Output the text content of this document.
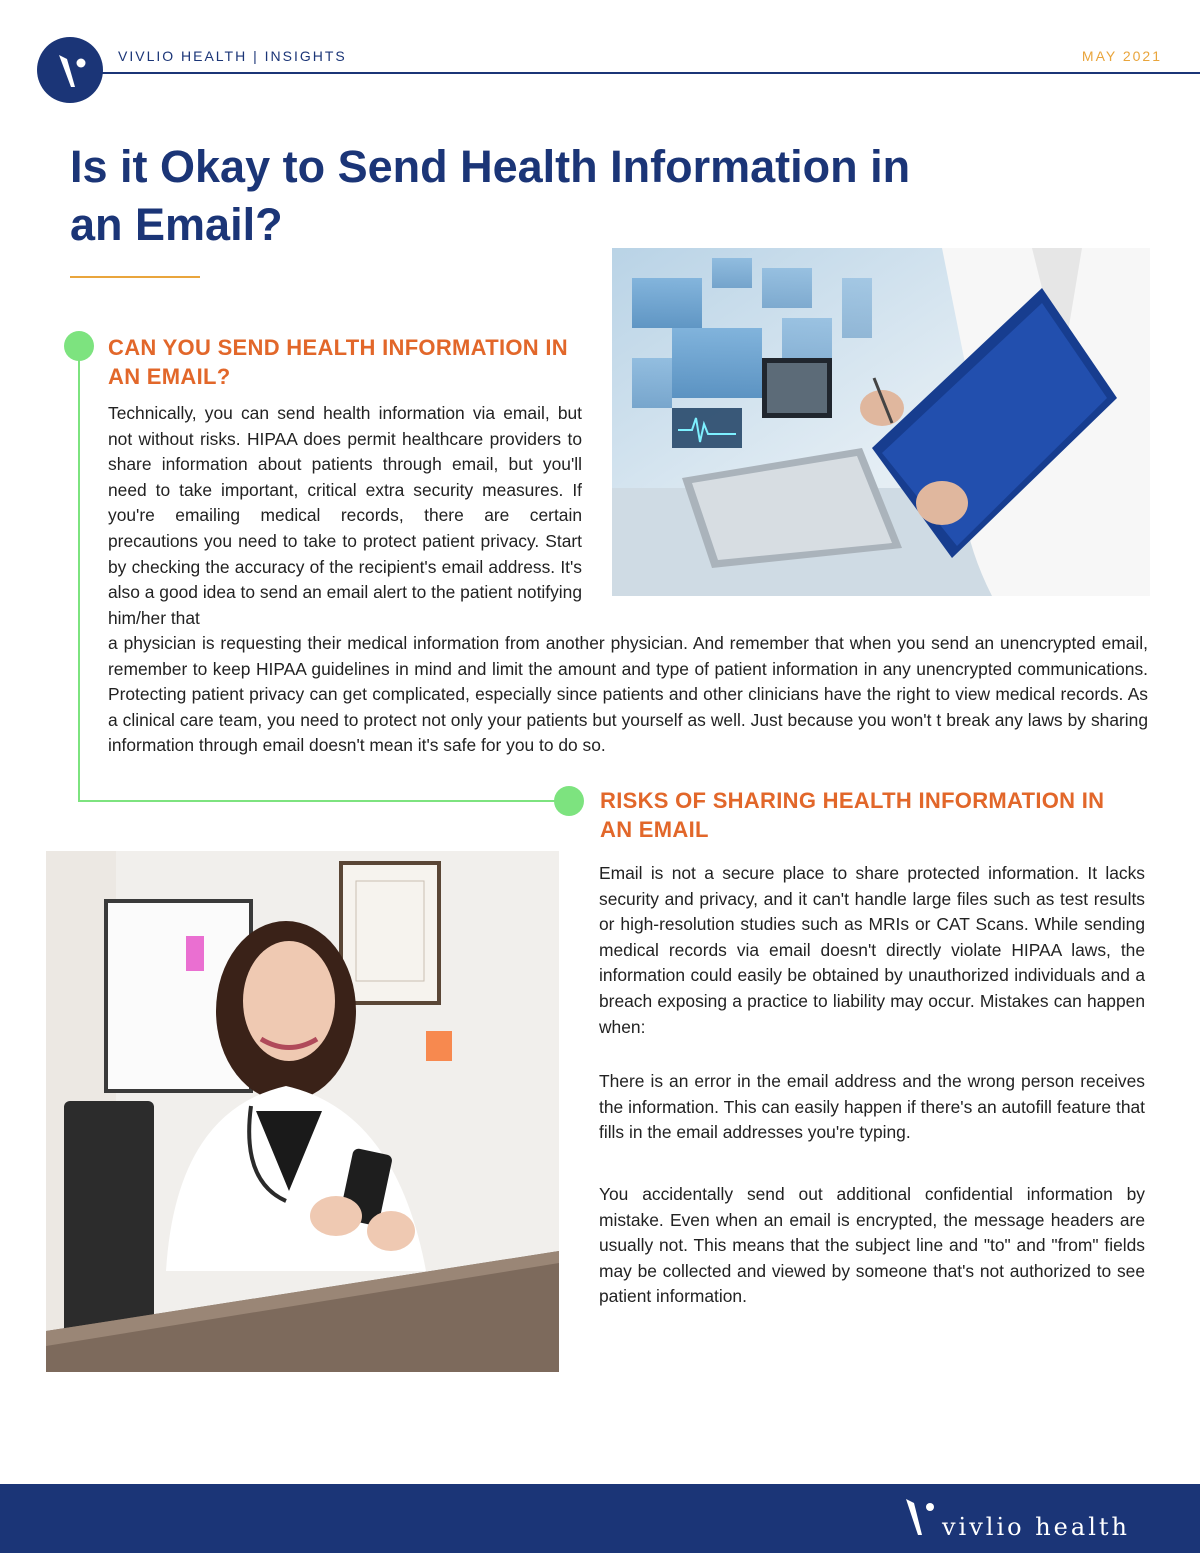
VIVLIO HEALTH | INSIGHTS	MAY 2021
Is it Okay to Send Health Information in an Email?
CAN YOU SEND HEALTH INFORMATION IN AN EMAIL?

Technically, you can send health information via email, but not without risks. HIPAA does permit healthcare providers to share information about patients through email, but you'll need to take important, critical extra security measures. If you're emailing medical records, there are certain precautions you need to take to protect patient privacy. Start by checking the accuracy of the recipient's email address. It's also a good idea to send an email alert to the patient notifying him/her that

a physician is requesting their medical information from another physician. And remember that when you send an unencrypted email, remember to keep HIPAA guidelines in mind and limit the amount and type of patient information in any unencrypted communications. Protecting patient privacy can get complicated, especially since patients and other clinicians have the right to view medical records. As a clinical care team, you need to protect not only your patients but yourself as well. Just because you won't t break any laws by sharing information through email doesn't mean it's safe for you to do so.

RISKS OF SHARING HEALTH INFORMATION IN AN EMAIL

Email is not a secure place to share protected information. It lacks security and privacy, and it can't handle large files such as test results or high-resolution studies such as MRIs or CAT Scans. While sending medical records via email doesn't directly violate HIPAA laws, the information could easily be obtained by unauthorized individuals and a breach exposing a practice to liability may occur. Mistakes can happen when:

There is an error in the email address and the wrong person receives the information. This can easily happen if there's an autofill feature that fills in the email addresses you're typing.

You accidentally send out additional confidential information by mistake. Even when an email is encrypted, the message headers are usually not. This means that the subject line and "to" and "from" fields may be collected and viewed by someone that's not authorized to see patient information.

vivlio health
